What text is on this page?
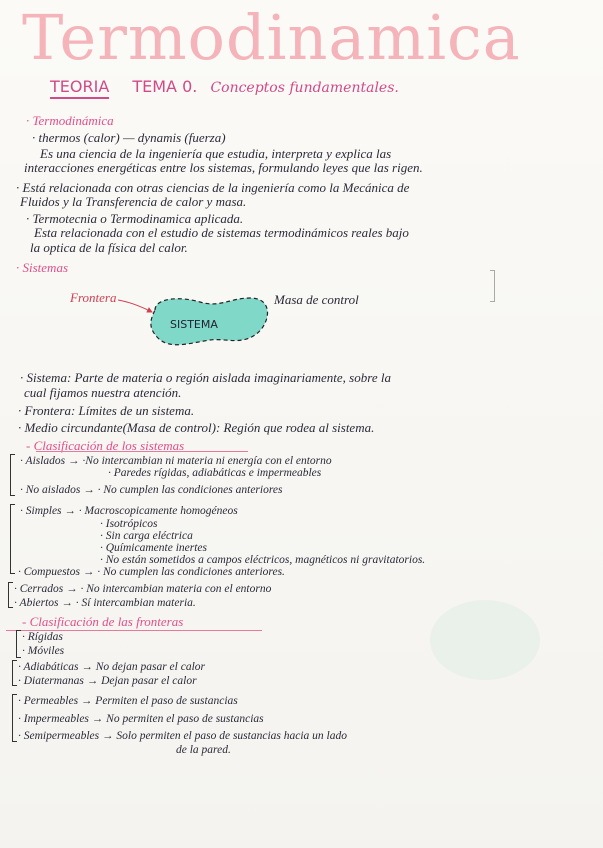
Termodinamica
TEORIA TEMA 0. Conceptos fundamentales.
· Termodinámica
· thermos (calor) — dynamis (fuerza)
Es una ciencia de la ingeniería que estudia, interpreta y explica las
interacciones energéticas entre los sistemas, formulando leyes que las rigen.
· Está relacionada con otras ciencias de la ingeniería como la Mecánica de
Fluidos y la Transferencia de calor y masa.
· Termotecnia o Termodinamica aplicada.
Esta relacionada con el estudio de sistemas termodinámicos reales bajo
la optica de la física del calor.
· Sistemas
SISTEMA
Frontera	Masa de control
· Sistema: Parte de materia o región aislada imaginariamente, sobre la
cual fijamos nuestra atención.
· Frontera: Límites de un sistema.
· Medio circundante(Masa de control): Región que rodea al sistema.
- Clasificación de los sistemas
· Aislados → ·No intercambian ni materia ni energía con el entorno
· Paredes rígidas, adiabáticas e impermeables
· No aislados → · No cumplen las condiciones anteriores
· Simples → · Macroscopicamente homogéneos
· Isotrópicos
· Sin carga eléctrica
· Químicamente inertes
· No están sometidos a campos eléctricos, magnéticos ni gravitatorios.
· Compuestos → · No cumplen las condiciones anteriores.
· Cerrados → · No intercambian materia con el entorno
· Abiertos → · Sí intercambian materia.
- Clasificación de las fronteras
· Rígidas
· Móviles
· Adiabáticas → No dejan pasar el calor
· Diatermanas → Dejan pasar el calor
· Permeables → Permiten el paso de sustancias
· Impermeables → No permiten el paso de sustancias
· Semipermeables → Solo permiten el paso de sustancias hacia un lado
de la pared.
